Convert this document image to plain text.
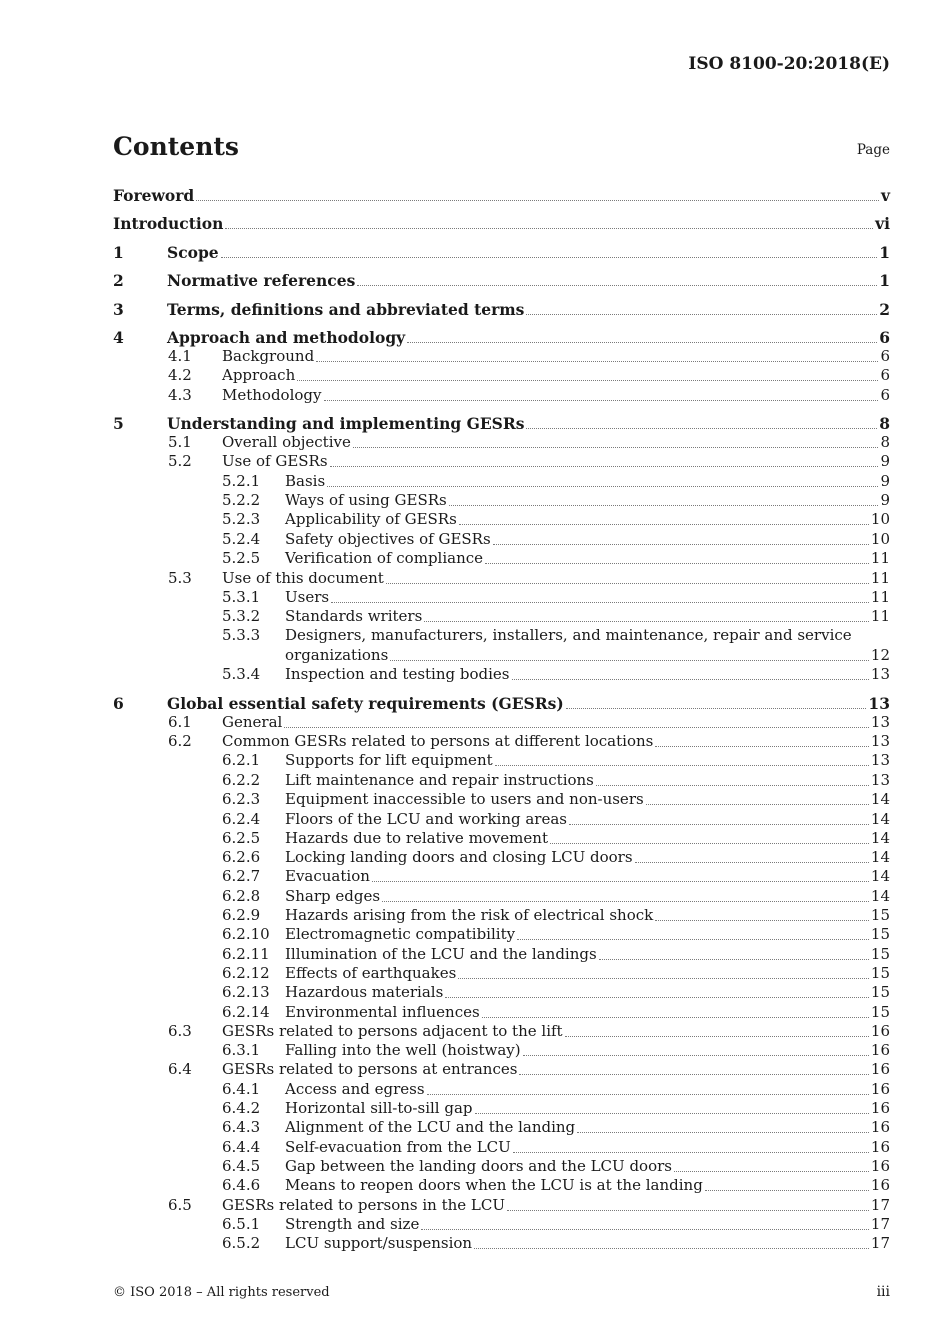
ISO 8100-20:2018(E)
Contents	Page
Foreword	v
Introduction	vi
1	Scope	1
2	Normative references	1
3	Terms, definitions and abbreviated terms	2
4	Approach and methodology	6
4.1 Background	6
4.2 Approach	6
4.3 Methodology	6
5	Understanding and implementing GESRs	8
5.1 Overall objective	8
5.2 Use of GESRs	9
5.2.1 Basis	9
5.2.2 Ways of using GESRs	9
5.2.3 Applicability of GESRs	10
5.2.4 Safety objectives of GESRs	10
5.2.5 Verification of compliance	11
5.3 Use of this document	11
5.3.1 Users	11
5.3.2 Standards writers	11
5.3.3 Designers, manufacturers, installers, and maintenance, repair and service
organizations	12
5.3.4 Inspection and testing bodies	13
6	Global essential safety requirements (GESRs)	13
6.1 General	13
6.2 Common GESRs related to persons at different locations	13
6.2.1 Supports for lift equipment	13
6.2.2 Lift maintenance and repair instructions	13
6.2.3 Equipment inaccessible to users and non-users	14
6.2.4 Floors of the LCU and working areas	14
6.2.5 Hazards due to relative movement	14
6.2.6 Locking landing doors and closing LCU doors	14
6.2.7 Evacuation	14
6.2.8 Sharp edges	14
6.2.9 Hazards arising from the risk of electrical shock	15
6.2.10 Electromagnetic compatibility	15
6.2.11 Illumination of the LCU and the landings	15
6.2.12 Effects of earthquakes	15
6.2.13 Hazardous materials	15
6.2.14 Environmental influences	15
6.3 GESRs related to persons adjacent to the lift	16
6.3.1 Falling into the well (hoistway)	16
6.4 GESRs related to persons at entrances	16
6.4.1 Access and egress	16
6.4.2 Horizontal sill-to-sill gap	16
6.4.3 Alignment of the LCU and the landing	16
6.4.4 Self-evacuation from the LCU	16
6.4.5 Gap between the landing doors and the LCU doors	16
6.4.6 Means to reopen doors when the LCU is at the landing	16
6.5 GESRs related to persons in the LCU	17
6.5.1 Strength and size	17
6.5.2 LCU support/suspension	17
© ISO 2018 – All rights reserved	iii
